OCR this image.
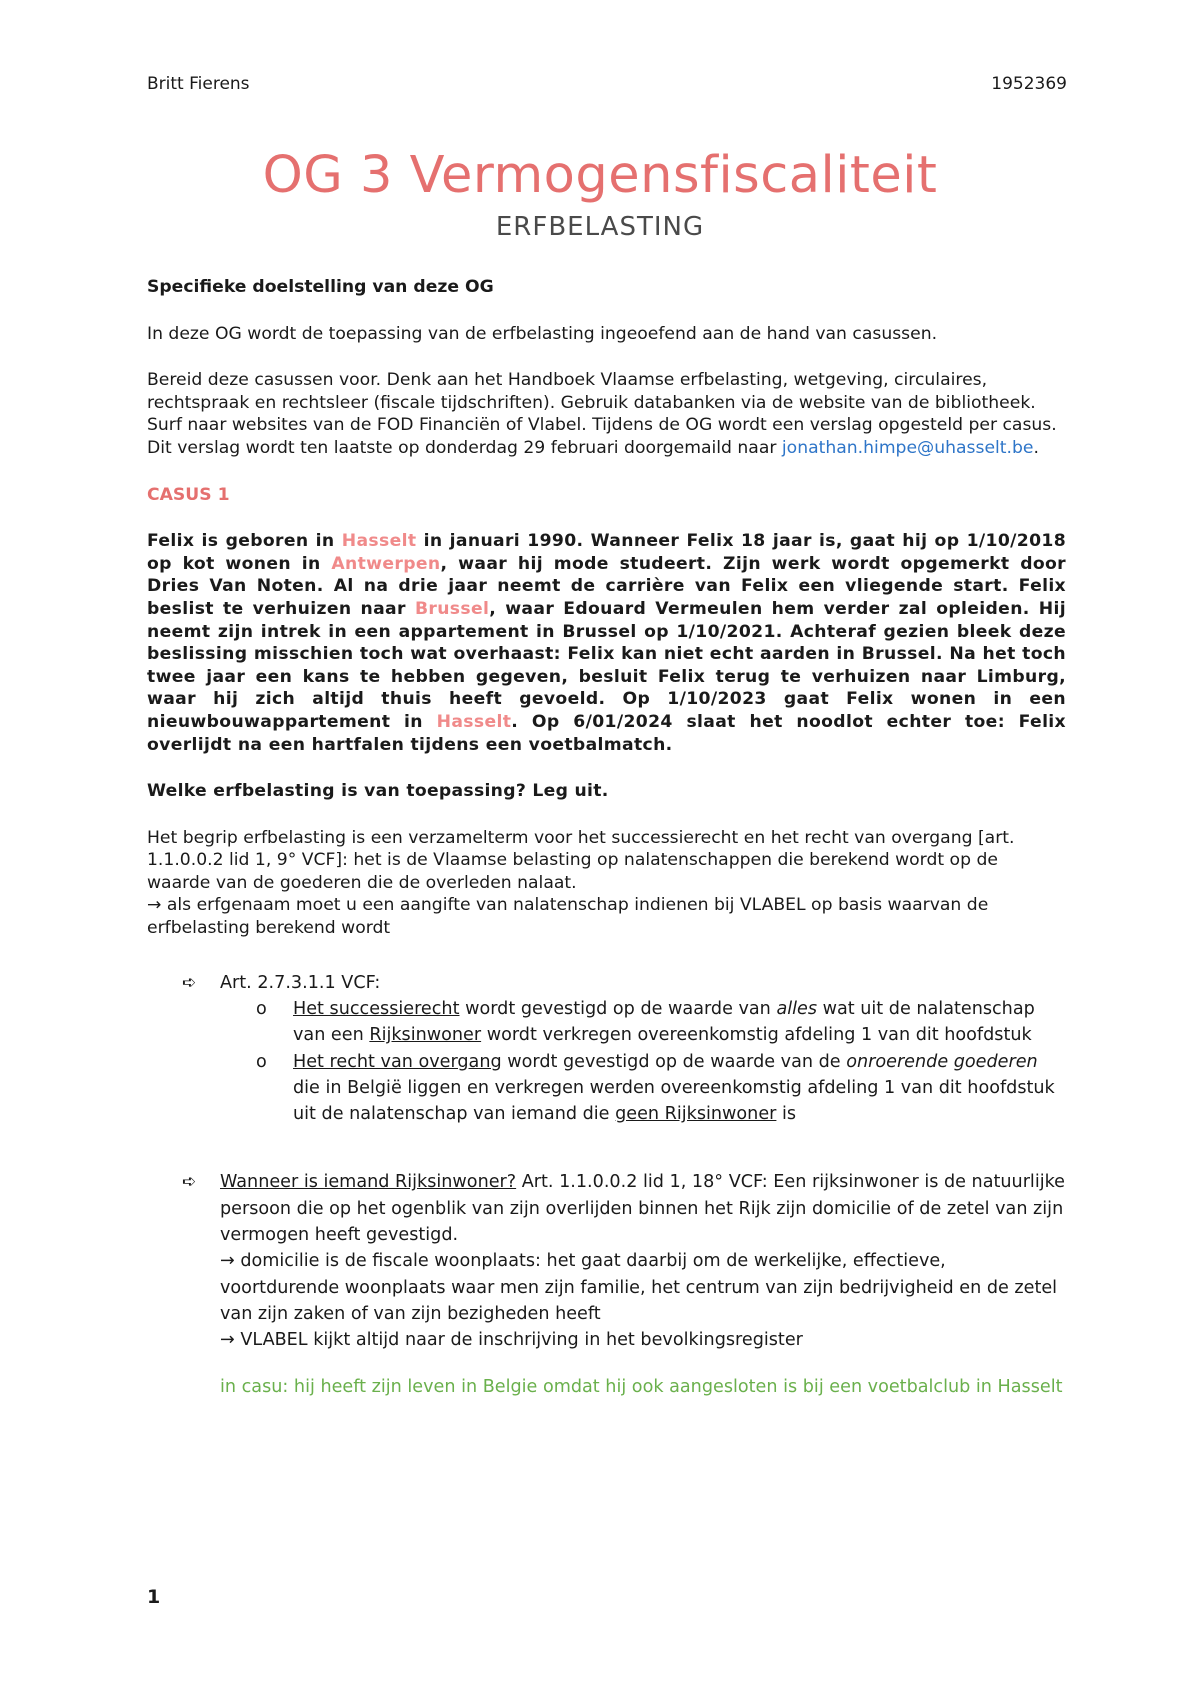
Britt Fierens	1952369
OG 3 Vermogensfiscaliteit
ERFBELASTING

Specifieke doelstelling van deze OG

In deze OG wordt de toepassing van de erfbelasting ingeoefend aan de hand van casussen.

Bereid deze casussen voor. Denk aan het Handboek Vlaamse erfbelasting, wetgeving, circulaires, rechtspraak en rechtsleer (fiscale tijdschriften). Gebruik databanken via de website van de bibliotheek. Surf naar websites van de FOD Financiën of Vlabel. Tijdens de OG wordt een verslag opgesteld per casus. Dit verslag wordt ten laatste op donderdag 29 februari doorgemaild naar jonathan.himpe@uhasselt.be.

CASUS 1

Felix is geboren in Hasselt in januari 1990. Wanneer Felix 18 jaar is, gaat hij op 1/10/2018 op kot wonen in Antwerpen, waar hij mode studeert. Zijn werk wordt opgemerkt door Dries Van Noten. Al na drie jaar neemt de carrière van Felix een vliegende start. Felix beslist te verhuizen naar Brussel, waar Edouard Vermeulen hem verder zal opleiden. Hij neemt zijn intrek in een appartement in Brussel op 1/10/2021. Achteraf gezien bleek deze beslissing misschien toch wat overhaast: Felix kan niet echt aarden in Brussel. Na het toch twee jaar een kans te hebben gegeven, besluit Felix terug te verhuizen naar Limburg, waar hij zich altijd thuis heeft gevoeld. Op 1/10/2023 gaat Felix wonen in een nieuwbouwappartement in Hasselt. Op 6/01/2024 slaat het noodlot echter toe: Felix overlijdt na een hartfalen tijdens een voetbalmatch.

Welke erfbelasting is van toepassing? Leg uit.

Het begrip erfbelasting is een verzamelterm voor het successierecht en het recht van overgang [art. 1.1.0.0.2 lid 1, 9° VCF]: het is de Vlaamse belasting op nalatenschappen die berekend wordt op de waarde van de goederen die de overleden nalaat.

→ als erfgenaam moet u een aangifte van nalatenschap indienen bij VLABEL op basis waarvan de erfbelasting berekend wordt

➪ Art. 2.7.3.1.1 VCF:
o Het successierecht wordt gevestigd op de waarde van alles wat uit de nalatenschap van een Rijksinwoner wordt verkregen overeenkomstig afdeling 1 van dit hoofdstuk
o Het recht van overgang wordt gevestigd op de waarde van de onroerende goederen die in België liggen en verkregen werden overeenkomstig afdeling 1 van dit hoofdstuk uit de nalatenschap van iemand die geen Rijksinwoner is
➪ Wanneer is iemand Rijksinwoner? Art. 1.1.0.0.2 lid 1, 18° VCF: Een rijksinwoner is de natuurlijke persoon die op het ogenblik van zijn overlijden binnen het Rijk zijn domicilie of de zetel van zijn vermogen heeft gevestigd.
→ domicilie is de fiscale woonplaats: het gaat daarbij om de werkelijke, effectieve, voortdurende woonplaats waar men zijn familie, het centrum van zijn bedrijvigheid en de zetel van zijn zaken of van zijn bezigheden heeft
→ VLABEL kijkt altijd naar de inschrijving in het bevolkingsregister
in casu: hij heeft zijn leven in Belgie omdat hij ook aangesloten is bij een voetbalclub in Hasselt
1
